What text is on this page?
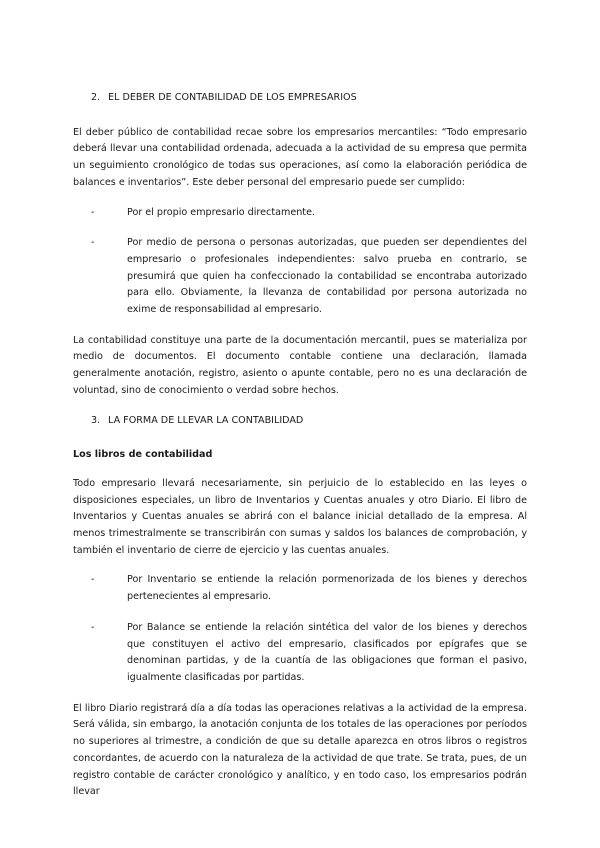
2. EL DEBER DE CONTABILIDAD DE LOS EMPRESARIOS

El deber público de contabilidad recae sobre los empresarios mercantiles: “Todo empresario deberá llevar una contabilidad ordenada, adecuada a la actividad de su empresa que permita un seguimiento cronológico de todas sus operaciones, así como la elaboración periódica de balances e inventarios”. Este deber personal del empresario puede ser cumplido:

-	Por el propio empresario directamente.
-	Por medio de persona o personas autorizadas, que pueden ser dependientes del empresario o profesionales independientes: salvo prueba en contrario, se presumirá que quien ha confeccionado la contabilidad se encontraba autorizado para ello. Obviamente, la llevanza de contabilidad por persona autorizada no exime de responsabilidad al empresario.

La contabilidad constituye una parte de la documentación mercantil, pues se materializa por medio de documentos. El documento contable contiene una declaración, llamada generalmente anotación, registro, asiento o apunte contable, pero no es una declaración de voluntad, sino de conocimiento o verdad sobre hechos.

3. LA FORMA DE LLEVAR LA CONTABILIDAD
Los libros de contabilidad

Todo empresario llevará necesariamente, sin perjuicio de lo establecido en las leyes o disposiciones especiales, un libro de Inventarios y Cuentas anuales y otro Diario. El libro de Inventarios y Cuentas anuales se abrirá con el balance inicial detallado de la empresa. Al menos trimestralmente se transcribirán con sumas y saldos los balances de comprobación, y también el inventario de cierre de ejercicio y las cuentas anuales.

-	Por Inventario se entiende la relación pormenorizada de los bienes y derechos pertenecientes al empresario.
-	Por Balance se entiende la relación sintética del valor de los bienes y derechos que constituyen el activo del empresario, clasificados por epígrafes que se denominan partidas, y de la cuantía de las obligaciones que forman el pasivo, igualmente clasificadas por partidas.

El libro Diario registrará día a día todas las operaciones relativas a la actividad de la empresa. Será válida, sin embargo, la anotación conjunta de los totales de las operaciones por períodos no superiores al trimestre, a condición de que su detalle aparezca en otros libros o registros concordantes, de acuerdo con la naturaleza de la actividad de que trate. Se trata, pues, de un registro contable de carácter cronológico y analítico, y en todo caso, los empresarios podrán llevar
